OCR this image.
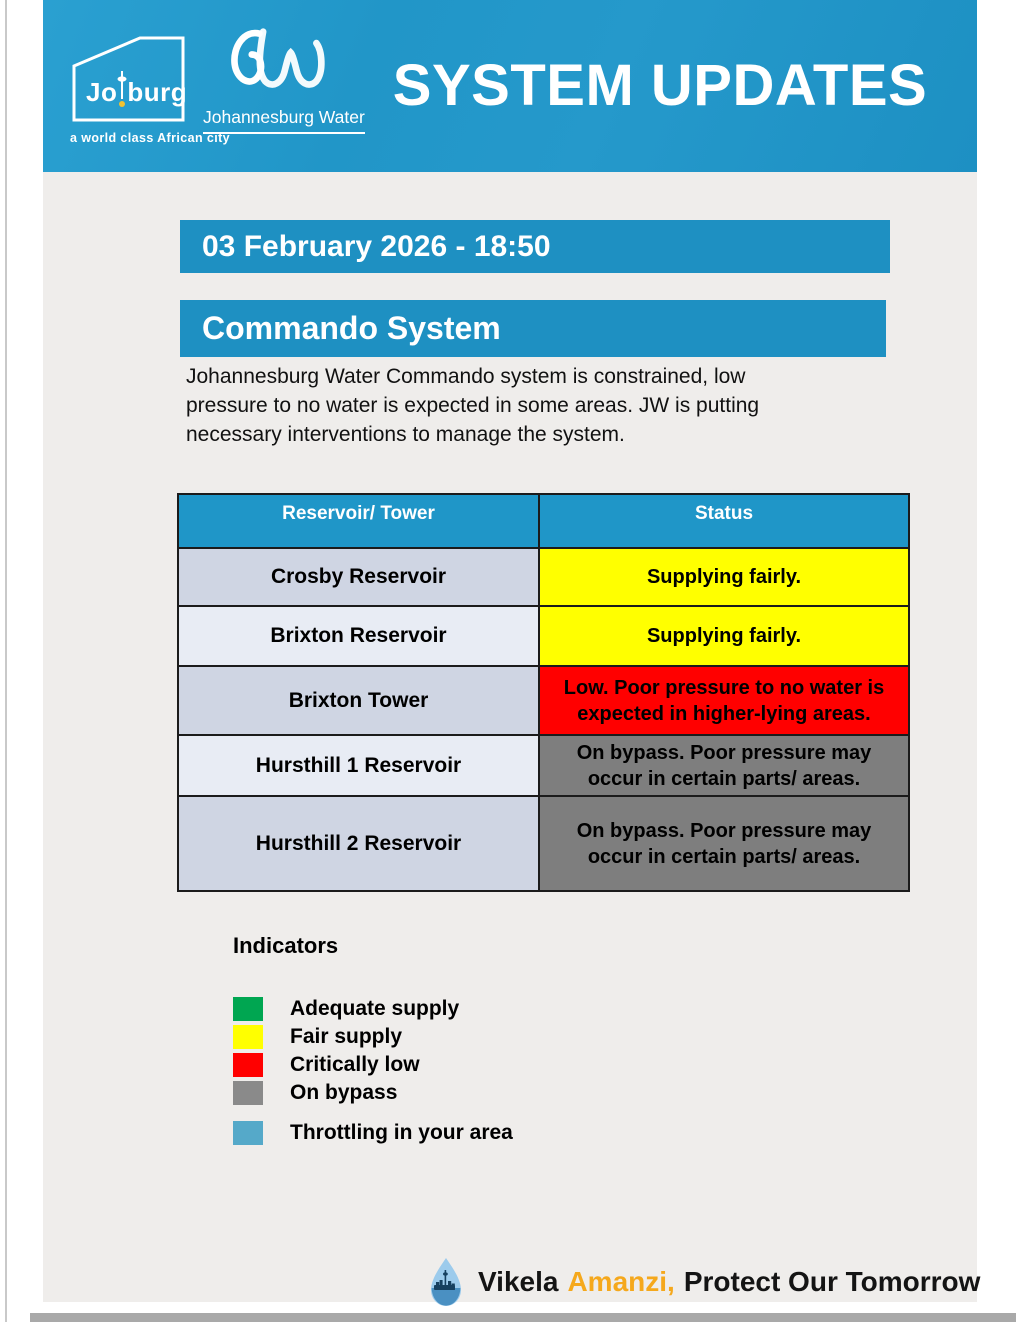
Jo burg
a world class African city

Johannesburg Water SYSTEM UPDATES
03 February 2026 - 18:50
Commando System
Johannesburg Water Commando system is constrained, low pressure to no water is expected in some areas. JW is putting necessary interventions to manage the system.
Reservoir/ Tower	Status
Crosby Reservoir	Supplying fairly.
Brixton Reservoir	Supplying fairly.
Brixton Tower	Low. Poor pressure to no water is expected in higher-lying areas.
Hursthill 1 Reservoir	On bypass. Poor pressure may occur in certain parts/ areas.
Hursthill 2 Reservoir	On bypass. Poor pressure may occur in certain parts/ areas.
Indicators
Adequate supply
Fair supply
Critically low
On bypass
Throttling in your area
Vikela Amanzi, Protect Our Tomorrow
